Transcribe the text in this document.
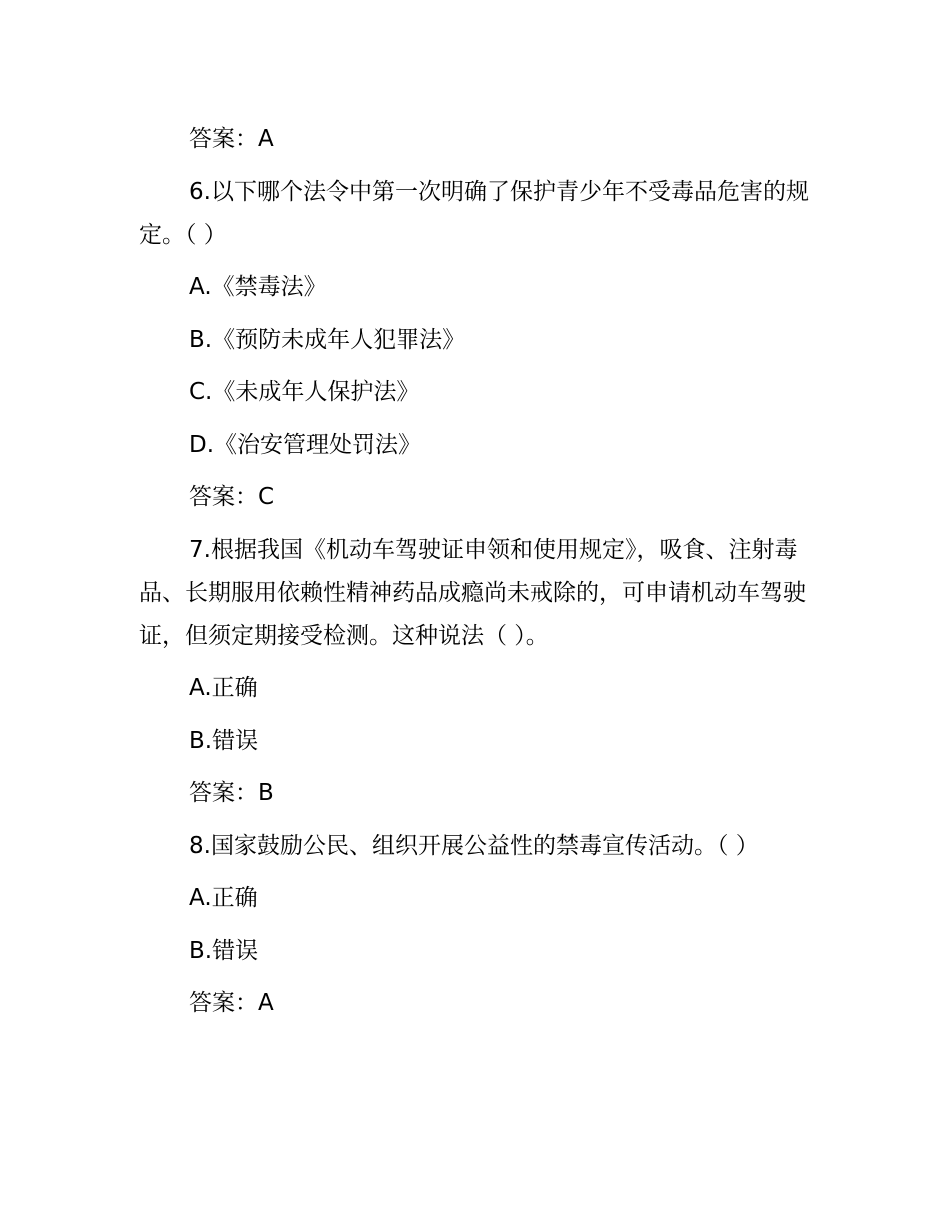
答案：A

6.以下哪个法令中第一次明确了保护青少年不受毒品危害的规定。（ ）

A.《禁毒法》

B.《预防未成年人犯罪法》

C.《未成年人保护法》

D.《治安管理处罚法》

答案：C

7.根据我国《机动车驾驶证申领和使用规定》，吸食、注射毒品、长期服用依赖性精神药品成瘾尚未戒除的，可申请机动车驾驶证，但须定期接受检测。这种说法（ ）。

A.正确

B.错误

答案：B

8.国家鼓励公民、组织开展公益性的禁毒宣传活动。（ ）

A.正确

B.错误

答案：A
